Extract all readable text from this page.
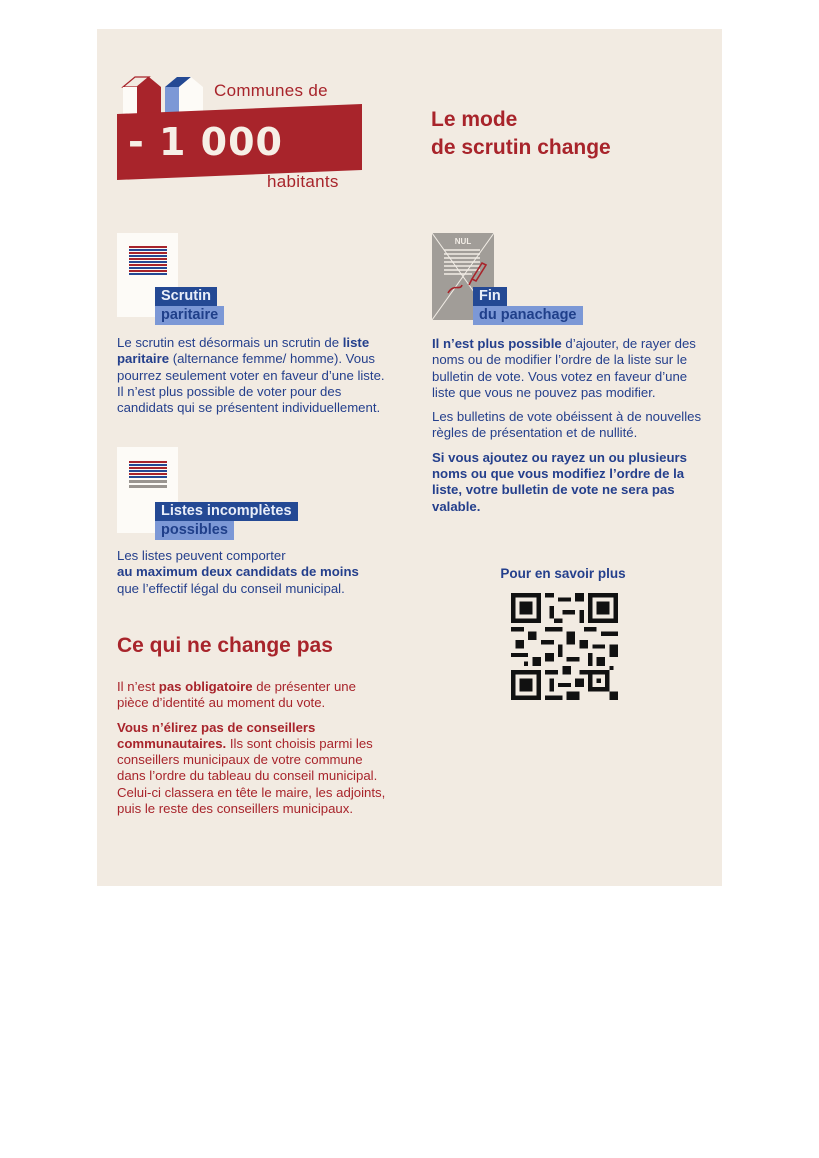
Communes de
- 1 000
habitants
Le mode
de scrutin change
Scrutin
paritaire
Le scrutin est désormais un scrutin de liste paritaire (alternance femme/ homme). Vous pourrez seulement voter en faveur d’une liste. Il n’est plus possible de voter pour des candidats qui se présentent individuellement.
Listes incomplètes
possibles
Les listes peuvent comporter
au maximum deux candidats de moins
que l’effectif légal du conseil municipal.
Ce qui ne change pas

Il n’est pas obligatoire de présenter une pièce d’identité au moment du vote.

Vous n’élirez pas de conseillers communautaires. Ils sont choisis parmi les conseillers municipaux de votre commune dans l’ordre du tableau du conseil municipal. Celui-ci classera en tête le maire, les adjoints, puis le reste des conseillers municipaux.

NUL
Fin
du panachage

Il n’est plus possible d’ajouter, de rayer des noms ou de modifier l’ordre de la liste sur le bulletin de vote. Vous votez en faveur d’une liste que vous ne pouvez pas modifier.

Les bulletins de vote obéissent à de nouvelles règles de présentation et de nullité.

Si vous ajoutez ou rayez un ou plusieurs noms ou que vous modifiez l’ordre de la liste, votre bulletin de vote ne sera pas valable.

Pour en savoir plus
